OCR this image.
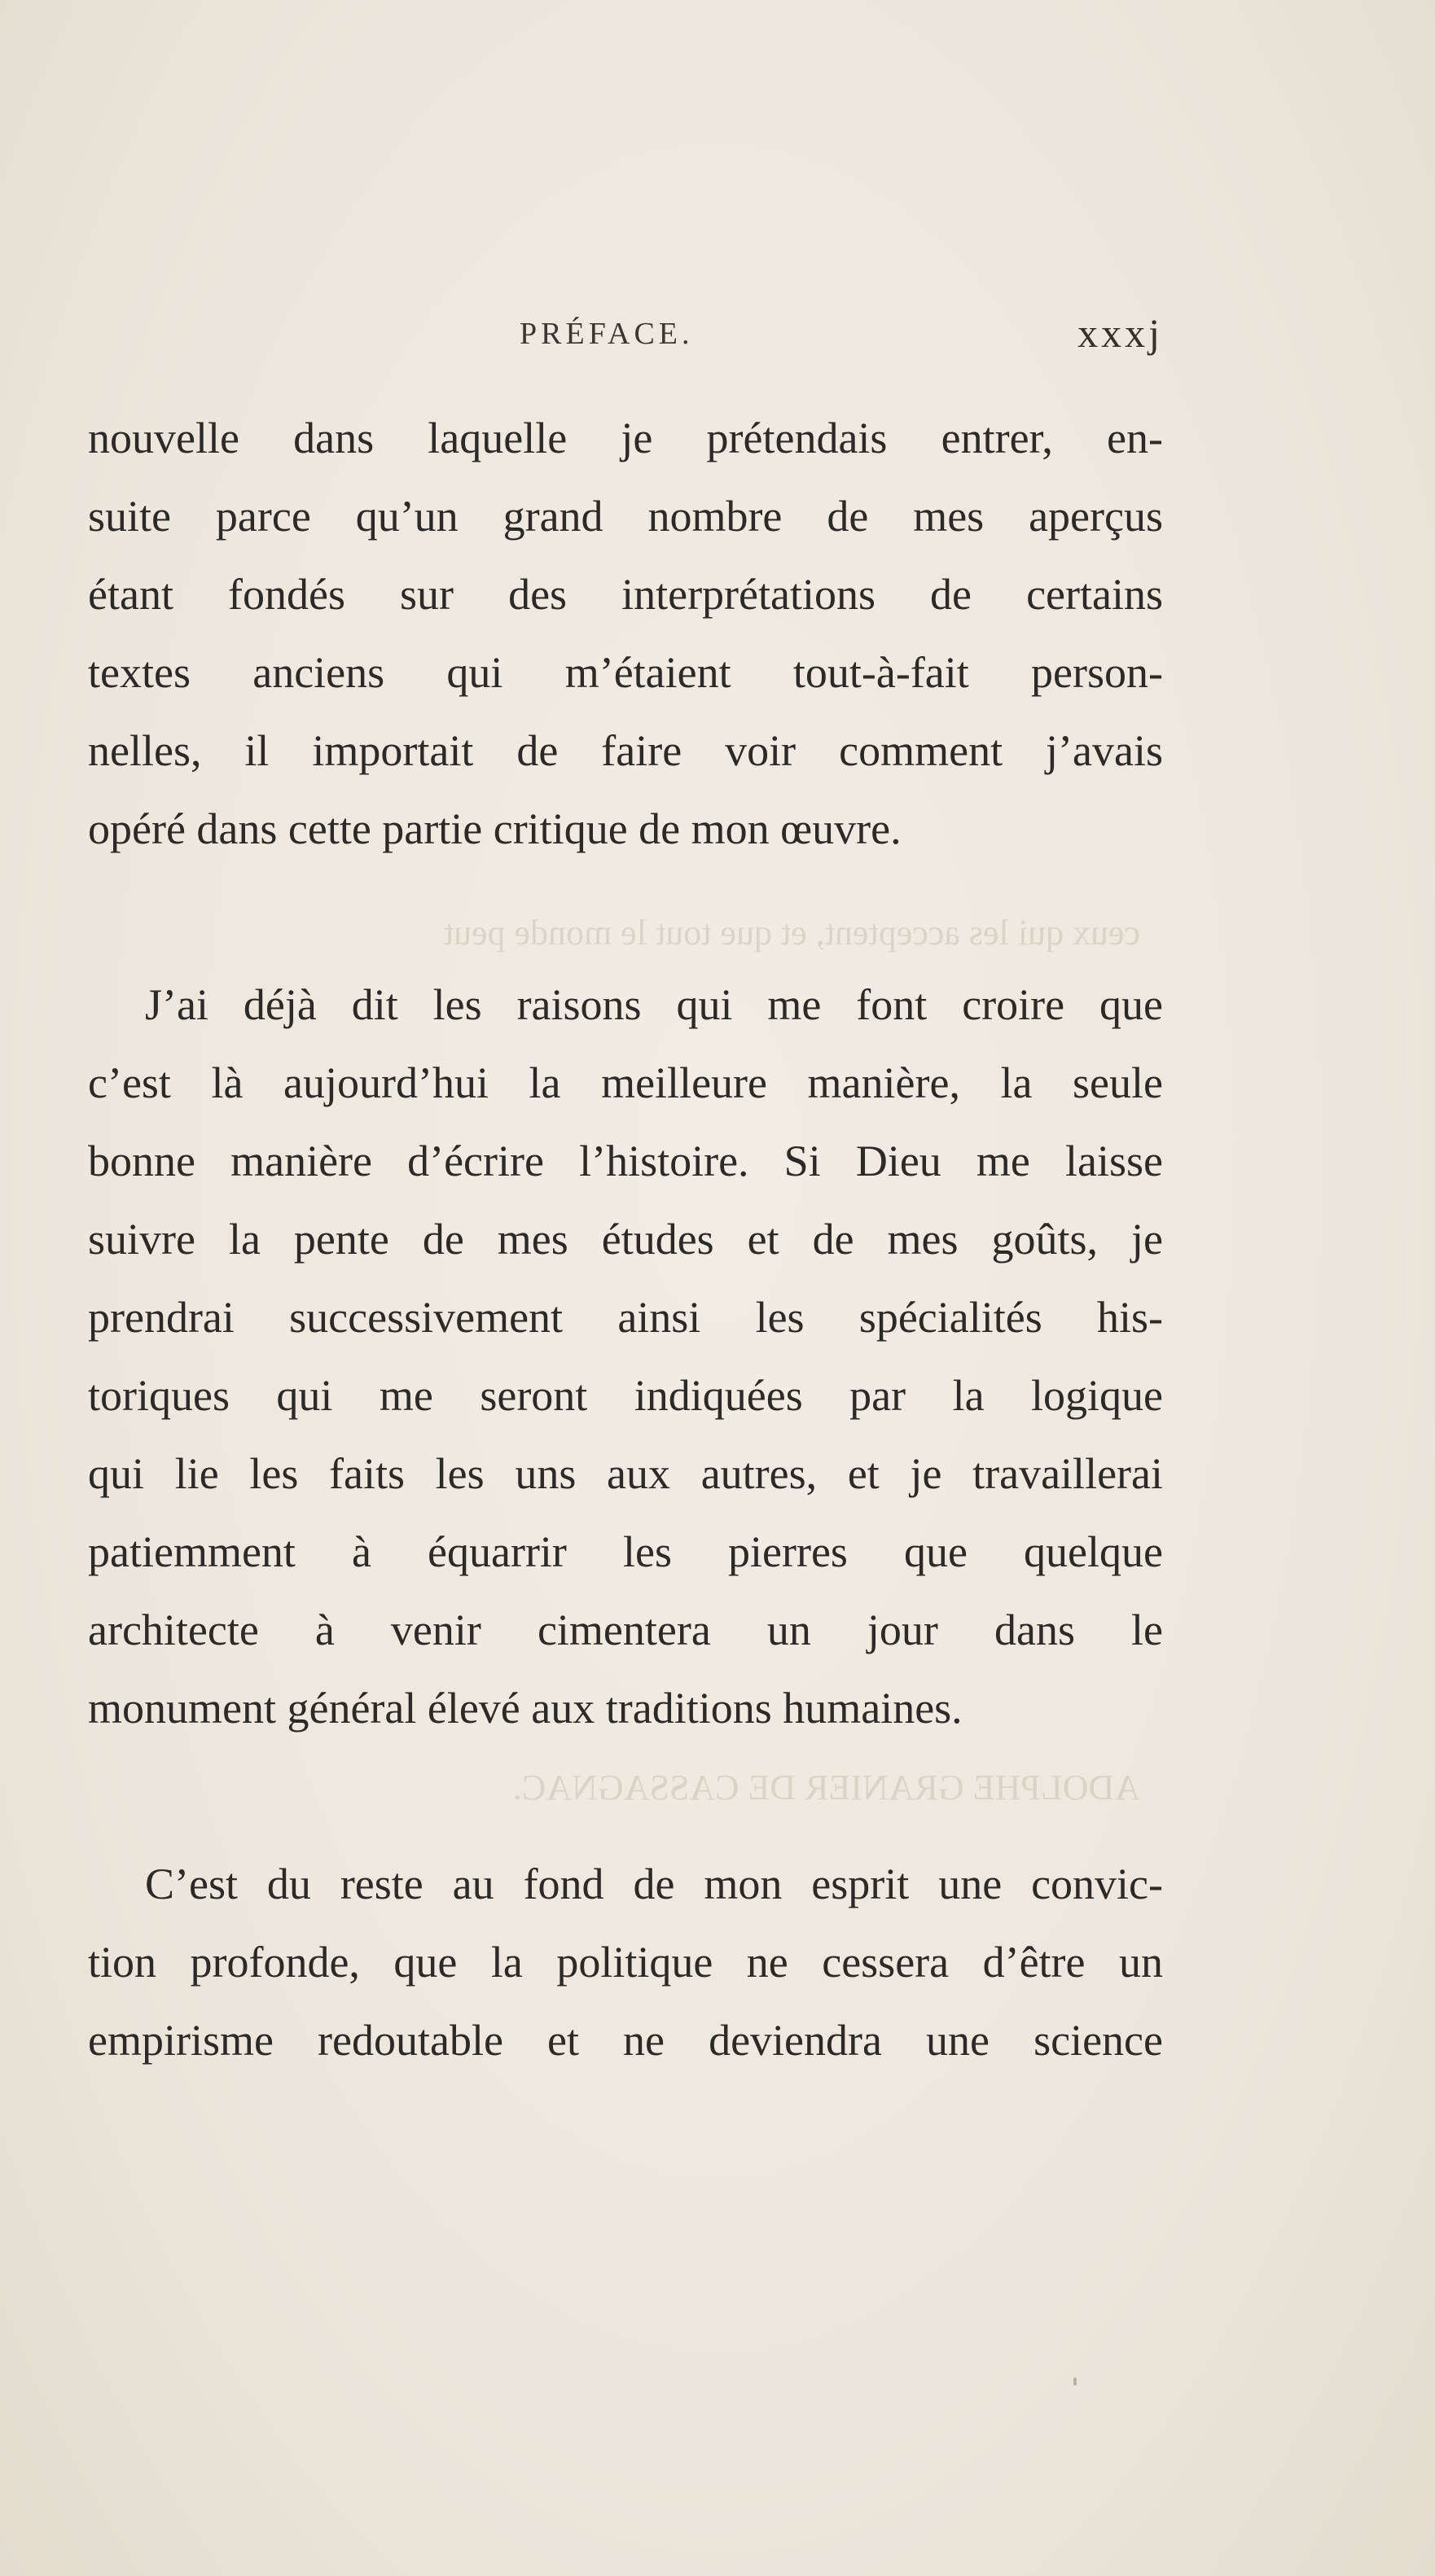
ceux qui les acceptent, et que tout le monde peut
ADOLPHE GRANIER DE CASSAGNAC.
PRÉFACE.	xxxj
nouvelle dans laquelle je prétendais entrer, en-
suite parce qu’un grand nombre de mes aperçus
étant fondés sur des interprétations de certains
textes anciens qui m’étaient tout-à-fait person-
nelles, il importait de faire voir comment j’avais
opéré dans cette partie critique de mon œuvre.
J’ai déjà dit les raisons qui me font croire que
c’est là aujourd’hui la meilleure manière, la seule
bonne manière d’écrire l’histoire. Si Dieu me laisse
suivre la pente de mes études et de mes goûts, je
prendrai successivement ainsi les spécialités his-
toriques qui me seront indiquées par la logique
qui lie les faits les uns aux autres, et je travaillerai
patiemment à équarrir les pierres que quelque
architecte à venir cimentera un jour dans le
monument général élevé aux traditions humaines.
C’est du reste au fond de mon esprit une convic-
tion profonde, que la politique ne cessera d’être un
empirisme redoutable et ne deviendra une science
